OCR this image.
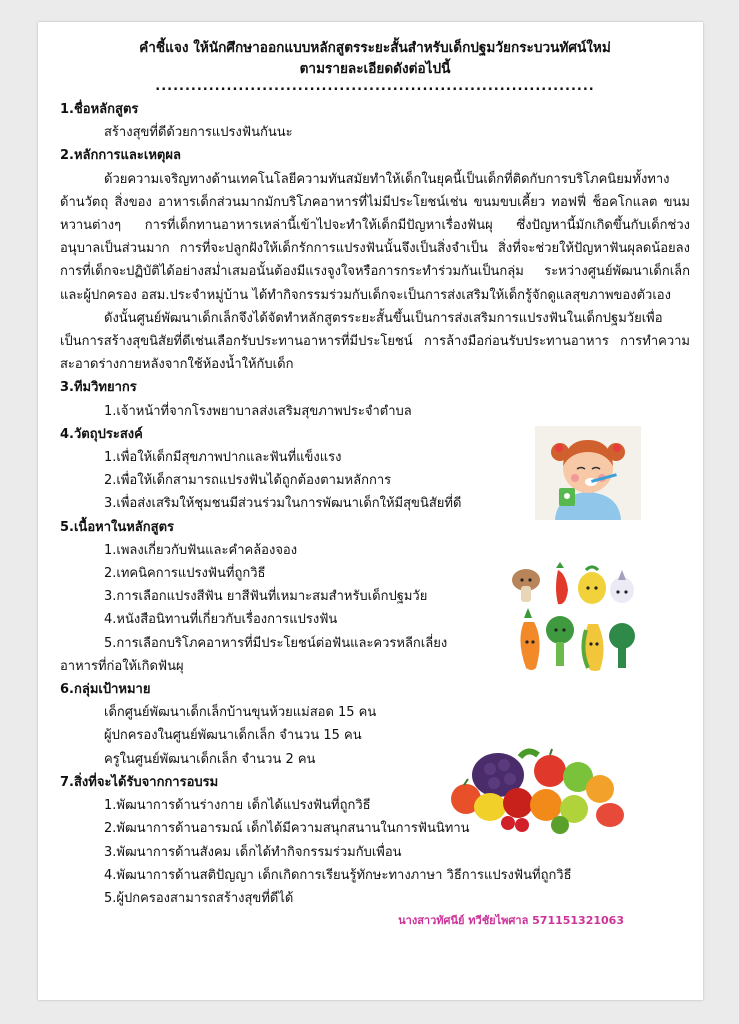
คำชี้แจง ให้นักศึกษาออกแบบหลักสูตรระยะสั้นสำหรับเด็กปฐมวัยกระบวนทัศน์ใหม่
ตามรายละเอียดดังต่อไปนี้
..........................................................................
1.ชื่อหลักสูตร
สร้างสุขที่ดีด้วยการแปรงฟันกันนะ
2.หลักการและเหตุผล
ด้วยความเจริญทางด้านเทคโนโลยีความทันสมัยทำให้เด็กในยุคนี้เป็นเด็กที่ติดกับการบริโภคนิยมทั้งทางด้านวัตถุ สิ่งของ อาหารเด็กส่วนมากมักบริโภคอาหารที่ไม่มีประโยชน์เช่น ขนมขบเคี้ยว ทอฟฟี่ ช็อคโกแลต ขนมหวานต่างๆ การที่เด็กทานอาหารเหล่านี้เข้าไปจะทำให้เด็กมีปัญหาเรื่องฟันผุ ซึ่งปัญหานี้มักเกิดขึ้นกับเด็กช่วงอนุบาลเป็นส่วนมาก การที่จะปลูกฝังให้เด็กรักการแปรงฟันนั้นจึงเป็นสิ่งจำเป็น สิ่งที่จะช่วยให้ปัญหาฟันผุลดน้อยลง การที่เด็กจะปฏิบัติได้อย่างสม่ำเสมอนั้นต้องมีแรงจูงใจหรือการกระทำร่วมกันเป็นกลุ่ม ระหว่างศูนย์พัฒนาเด็กเล็กและผู้ปกครอง อสม.ประจำหมู่บ้าน ได้ทำกิจกรรมร่วมกับเด็กจะเป็นการส่งเสริมให้เด็กรู้จักดูแลสุขภาพของตัวเอง
ดังนั้นศูนย์พัฒนาเด็กเล็กจึงได้จัดทำหลักสูตรระยะสั้นขึ้นเป็นการส่งเสริมการแปรงฟันในเด็กปฐมวัยเพื่อเป็นการสร้างสุขนิสัยที่ดีเช่นเลือกรับประทานอาหารที่มีประโยชน์ การล้างมือก่อนรับประทานอาหาร การทำความสะอาดร่างกายหลังจากใช้ห้องน้ำให้กับเด็ก
3.ทีมวิทยากร
1.เจ้าหน้าที่จากโรงพยาบาลส่งเสริมสุขภาพประจำตำบล
4.วัตถุประสงค์
1.เพื่อให้เด็กมีสุขภาพปากและฟันที่แข็งแรง
2.เพื่อให้เด็กสามารถแปรงฟันได้ถูกต้องตามหลักการ
3.เพื่อส่งเสริมให้ชุมชนมีส่วนร่วมในการพัฒนาเด็กให้มีสุขนิสัยที่ดี
5.เนื้อหาในหลักสูตร
1.เพลงเกี่ยวกับฟันและคำคล้องจอง
2.เทคนิคการแปรงฟันที่ถูกวิธี
3.การเลือกแปรงสีฟัน ยาสีฟันที่เหมาะสมสำหรับเด็กปฐมวัย
4.หนังสือนิทานที่เกี่ยวกับเรื่องการแปรงฟัน
5.การเลือกบริโภคอาหารที่มีประโยชน์ต่อฟันและควรหลีกเลี่ยง
อาหารที่ก่อให้เกิดฟันผุ
6.กลุ่มเป้าหมาย
เด็กศูนย์พัฒนาเด็กเล็กบ้านขุนห้วยแม่สอด 15 คน
ผู้ปกครองในศูนย์พัฒนาเด็กเล็ก จำนวน 15 คน
ครูในศูนย์พัฒนาเด็กเล็ก จำนวน 2 คน
7.สิ่งที่จะได้รับจากการอบรม
1.พัฒนาการด้านร่างกาย เด็กได้แปรงฟันที่ถูกวิธี
2.พัฒนาการด้านอารมณ์ เด็กได้มีความสนุกสนานในการฟันนิทาน
3.พัฒนาการด้านสังคม เด็กได้ทำกิจกรรมร่วมกับเพื่อน
4.พัฒนาการด้านสติปัญญา เด็กเกิดการเรียนรู้ทักษะทางภาษา วิธีการแปรงฟันที่ถูกวิธี
5.ผู้ปกครองสามารถสร้างสุขที่ดีได้
นางสาวทัศนีย์ ทวีชัยไพศาล 571151321063
